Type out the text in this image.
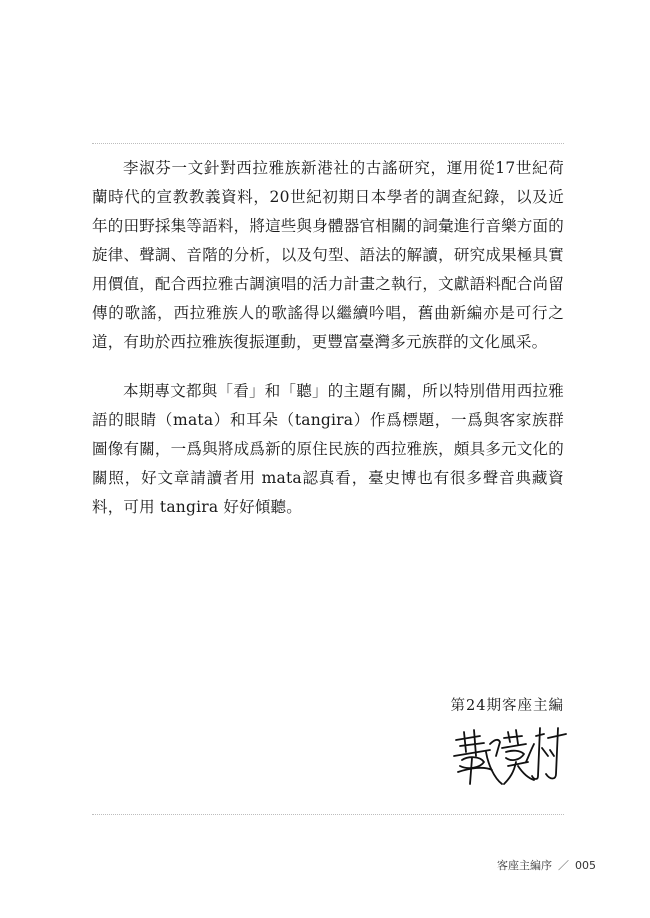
李淑芬一文針對西拉雅族新港社的古謠研究，運用從17世紀荷蘭時代的宣教教義資料，20世紀初期日本學者的調查紀錄，以及近年的田野採集等語料，將這些與身體器官相關的詞彙進行音樂方面的旋律、聲調、音階的分析，以及句型、語法的解讀，研究成果極具實用價值，配合西拉雅古調演唱的活力計畫之執行，文獻語料配合尚留傳的歌謠，西拉雅族人的歌謠得以繼續吟唱，舊曲新編亦是可行之道，有助於西拉雅族復振運動，更豐富臺灣多元族群的文化風采。

本期專文都與「看」和「聽」的主題有關，所以特別借用西拉雅語的眼睛（mata）和耳朵（tangira）作爲標題，一爲與客家族群圖像有關，一爲與將成爲新的原住民族的西拉雅族，頗具多元文化的關照，好文章請讀者用 mata認真看，臺史博也有很多聲音典藏資料，可用 tangira 好好傾聽。

第24期客座主編
客座主編序 ／ 005
